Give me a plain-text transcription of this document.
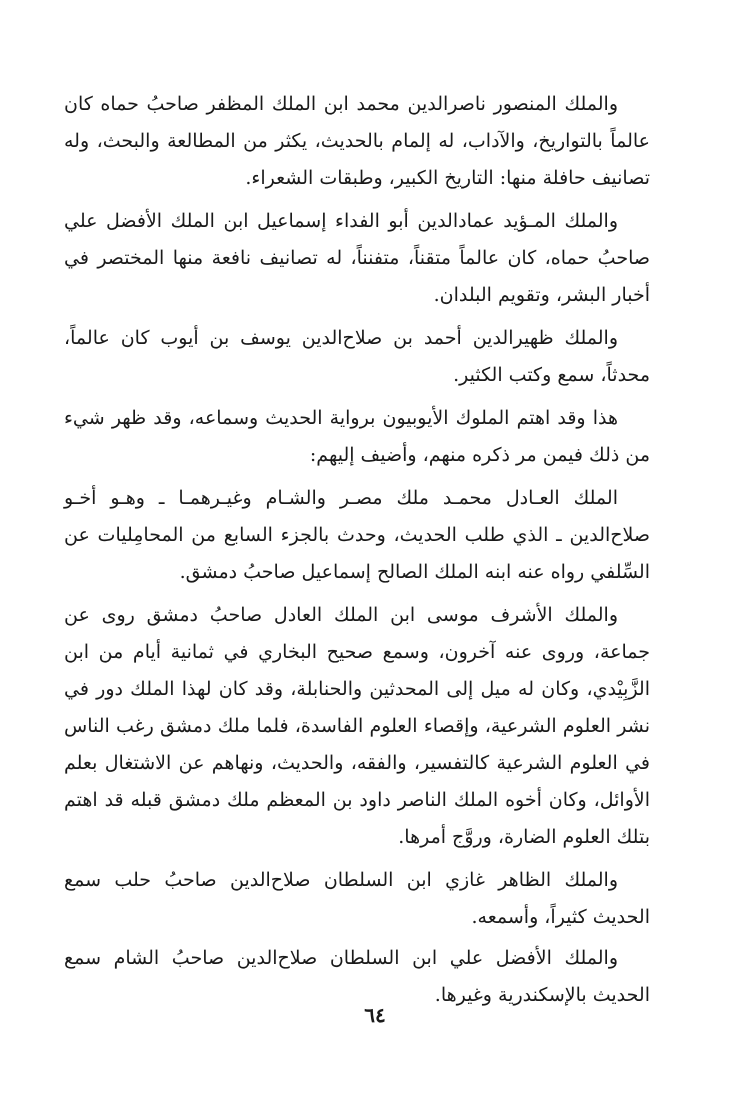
والملك المنصور ناصرالدين محمد ابن الملك المظفر صاحبُ حماه كان عالماً بالتواريخ، والآداب، له إلمام بالحديث، يكثر من المطالعة والبحث، وله تصانيف حافلة منها: التاريخ الكبير، وطبقات الشعراء.

والملك المـؤيد عمادالدين أبو الفداء إسماعيل ابن الملك الأفضل علي صاحبُ حماه، كان عالماً متقناً، متفنناً، له تصانيف نافعة منها المختصر في أخبار البشر، وتقويم البلدان.

والملك ظهيرالدين أحمد بن صلاح‌الدين يوسف بن أيوب كان عالماً، محدثاً، سمع وكتب الكثير.

هذا وقد اهتم الملوك الأيوبيون برواية الحديث وسماعه، وقد ظهر شيء من ذلك فيمن مر ذكره منهم، وأضيف إليهم:

الملك العـادل محمـد ملك مصـر والشـام وغيـرهمـا ـ وهـو أخـو صلاح‌الدين ـ الذي طلب الحديث، وحدث بالجزء السابع من المحامِليات عن السِّلفي رواه عنه ابنه الملك الصالح إسماعيل صاحبُ دمشق.

والملك الأشرف موسى ابن الملك العادل صاحبُ دمشق روى عن جماعة، وروى عنه آخرون، وسمع صحيح البخاري في ثمانية أيام من ابن الزَّبِيْدي، وكان له ميل إلى المحدثين والحنابلة، وقد كان لهذا الملك دور في نشر العلوم الشرعية، وإقصاء العلوم الفاسدة، فلما ملك دمشق رغب الناس في العلوم الشرعية كالتفسير، والفقه، والحديث، ونهاهم عن الاشتغال بعلم الأوائل، وكان أخوه الملك الناصر داود بن المعظم ملك دمشق قبله قد اهتم بتلك العلوم الضارة، وروَّج أمرها.

والملك الظاهر غازي ابن السلطان صلاح‌الدين صاحبُ حلب سمع الحديث كثيراً، وأسمعه.

والملك الأفضل علي ابن السلطان صلاح‌الدين صاحبُ الشام سمع الحديث بالإسكندرية وغيرها.

٦٤
